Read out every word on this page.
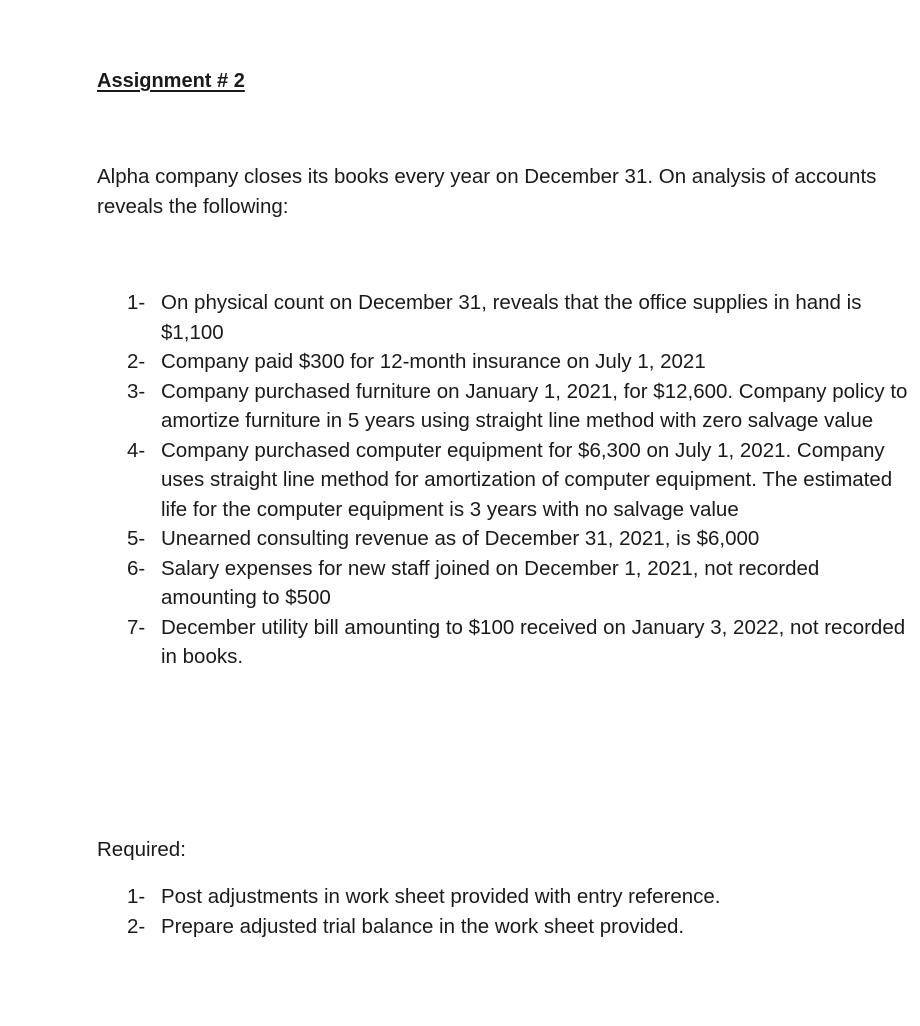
Assignment # 2

Alpha company closes its books every year on December 31. On analysis of accounts reveals the following:

1- On physical count on December 31, reveals that the office supplies in hand is $1,100
2- Company paid $300 for 12-month insurance on July 1, 2021
3- Company purchased furniture on January 1, 2021, for $12,600. Company policy to amortize furniture in 5 years using straight line method with zero salvage value
4- Company purchased computer equipment for $6,300 on July 1, 2021. Company uses straight line method for amortization of computer equipment. The estimated life for the computer equipment is 3 years with no salvage value
5- Unearned consulting revenue as of December 31, 2021, is $6,000
6- Salary expenses for new staff joined on December 1, 2021, not recorded amounting to $500
7- December utility bill amounting to $100 received on January 3, 2022, not recorded in books.

Required:

1- Post adjustments in work sheet provided with entry reference.
2- Prepare adjusted trial balance in the work sheet provided.
